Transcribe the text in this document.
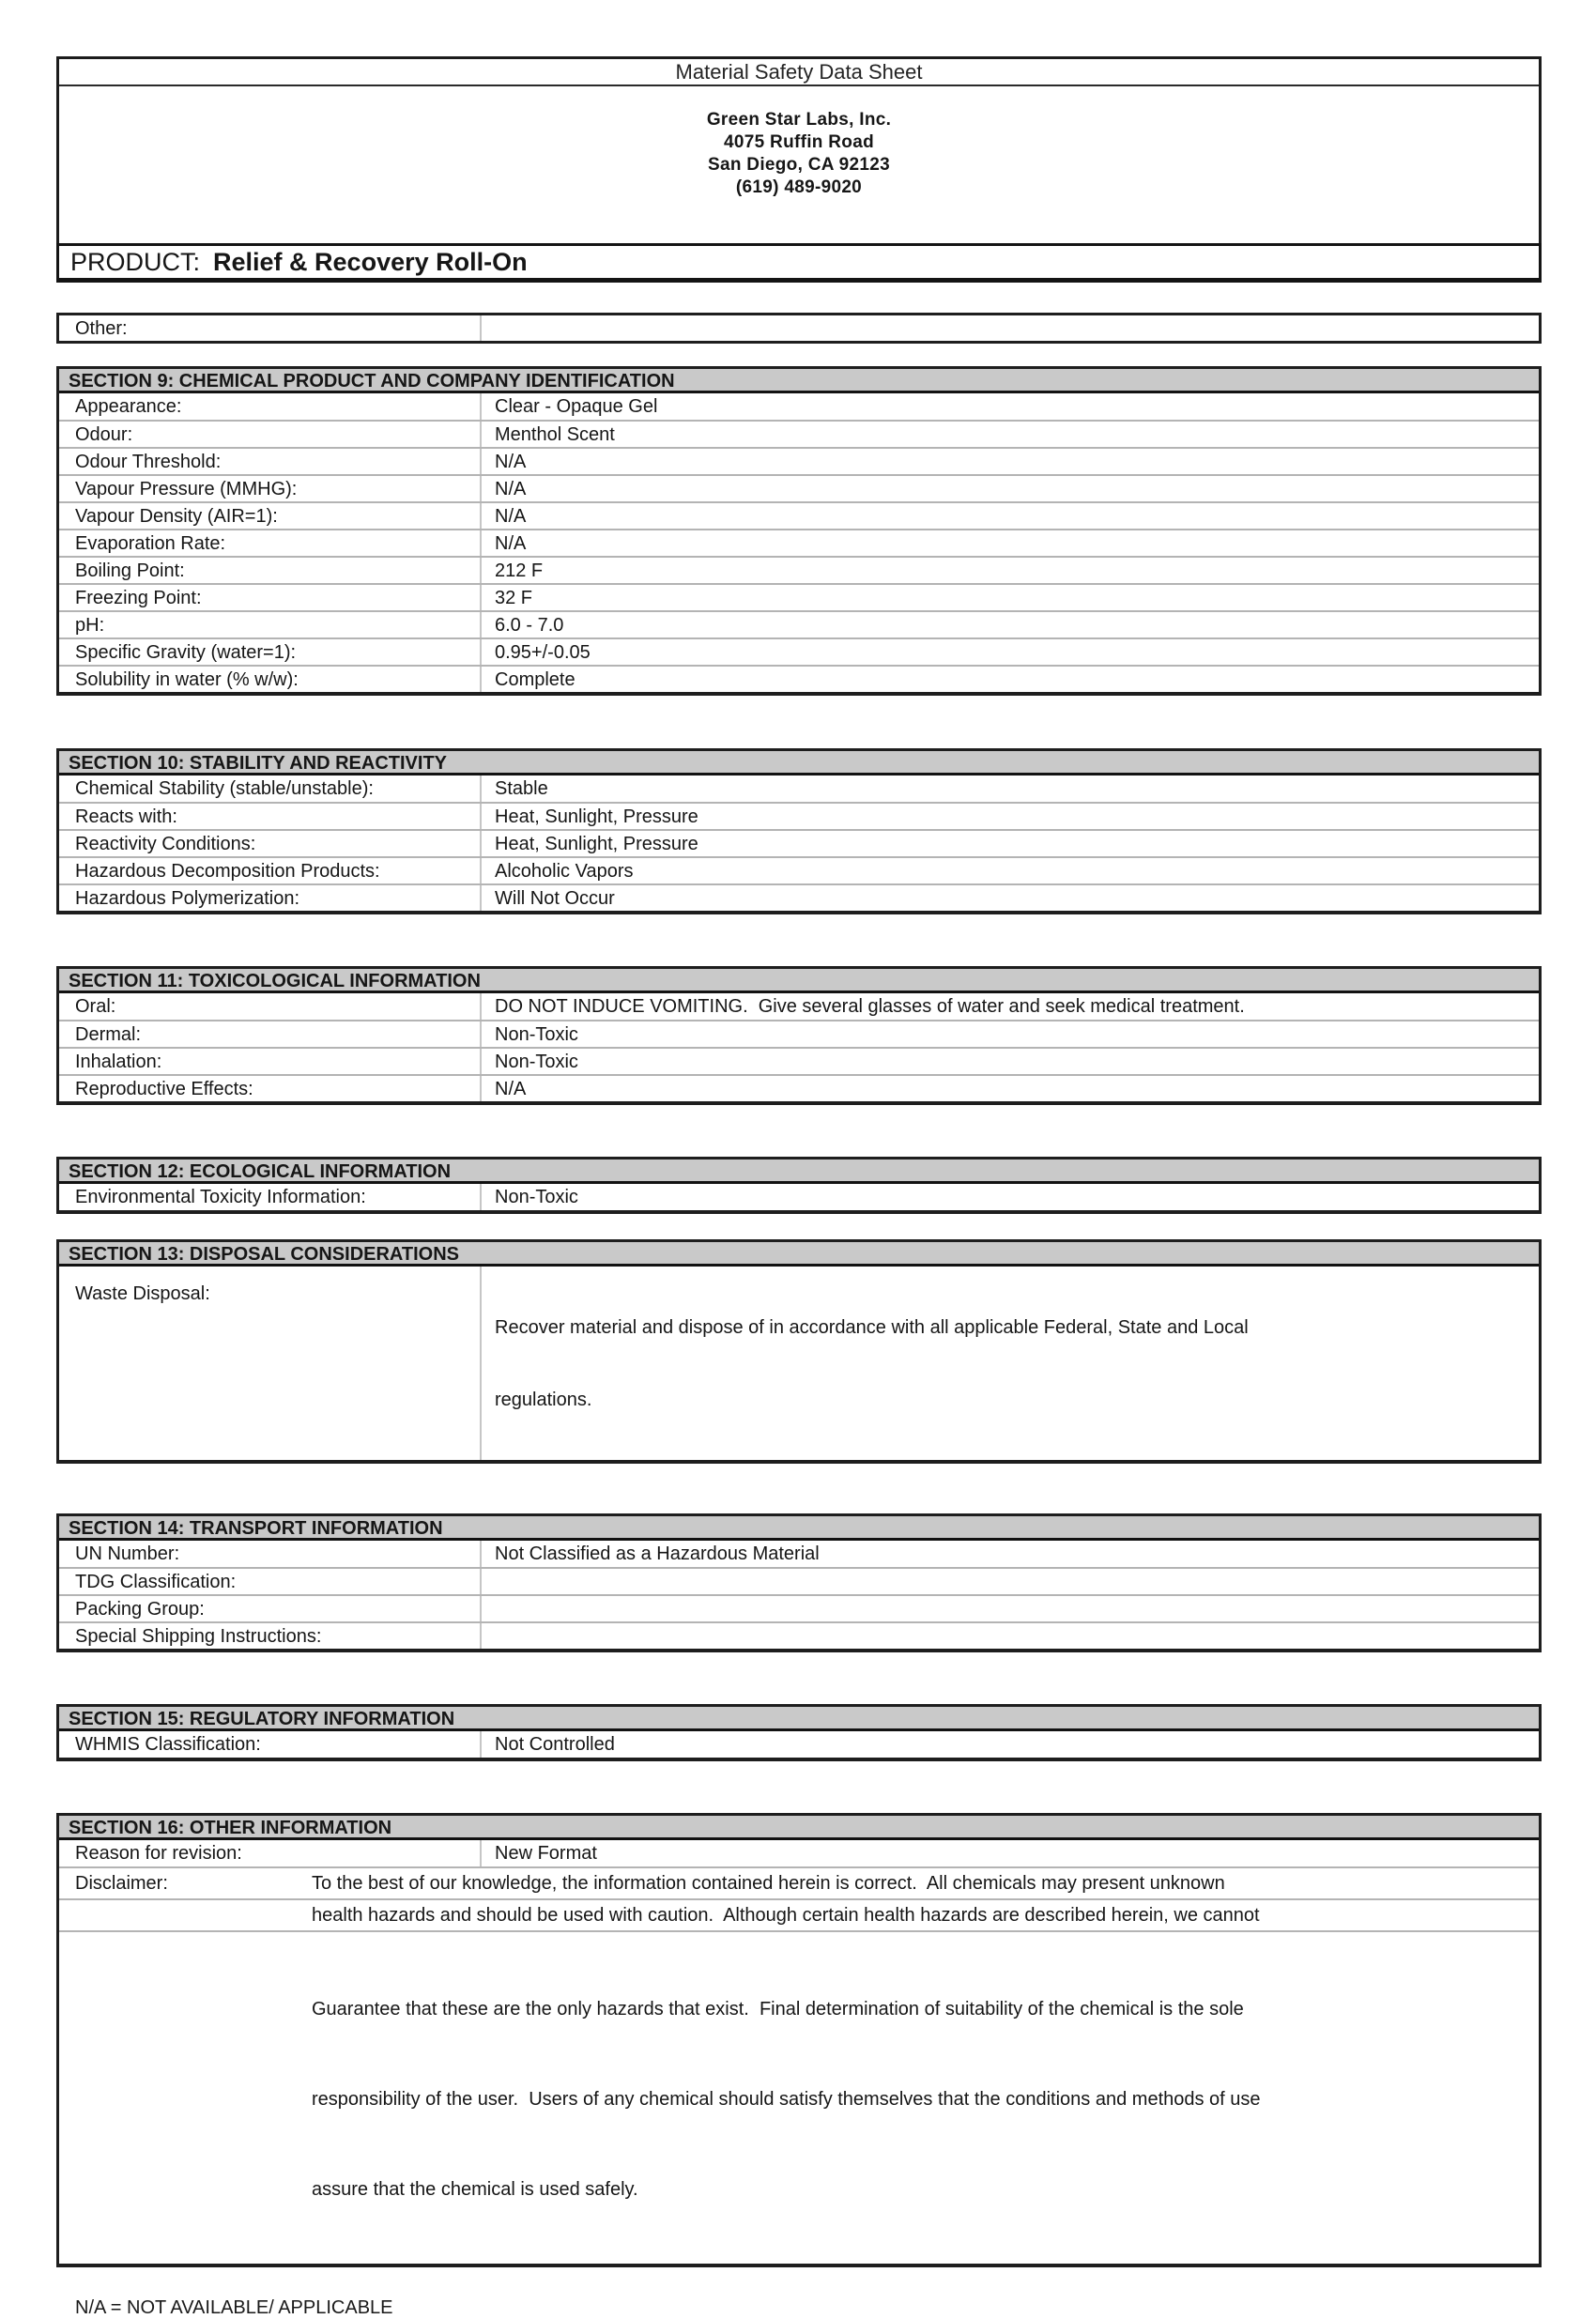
Material Safety Data Sheet
Green Star Labs, Inc.
4075 Ruffin Road
San Diego, CA 92123
(619) 489-9020
PRODUCT: Relief & Recovery Roll-On
Other:
SECTION 9: CHEMICAL PRODUCT AND COMPANY IDENTIFICATION
Appearance:	Clear - Opaque Gel
Odour:	Menthol Scent
Odour Threshold:	N/A
Vapour Pressure (MMHG):	N/A
Vapour Density (AIR=1):	N/A
Evaporation Rate:	N/A
Boiling Point:	212 F
Freezing Point:	32 F
pH:	6.0 - 7.0
Specific Gravity (water=1):	0.95+/-0.05
Solubility in water (% w/w):	Complete
SECTION 10: STABILITY AND REACTIVITY
Chemical Stability (stable/unstable):	Stable
Reacts with:	Heat, Sunlight, Pressure
Reactivity Conditions:	Heat, Sunlight, Pressure
Hazardous Decomposition Products:	Alcoholic Vapors
Hazardous Polymerization:	Will Not Occur
SECTION 11: TOXICOLOGICAL INFORMATION
Oral:	DO NOT INDUCE VOMITING.  Give several glasses of water and seek medical treatment.
Dermal:	Non-Toxic
Inhalation:	Non-Toxic
Reproductive Effects:	N/A
SECTION 12: ECOLOGICAL INFORMATION
Environmental Toxicity Information:	Non-Toxic
SECTION 13: DISPOSAL CONSIDERATIONS
Waste Disposal:

Recover material and dispose of in accordance with all applicable Federal, State and Local

regulations.

SECTION 14: TRANSPORT INFORMATION
UN Number:	Not Classified as a Hazardous Material
TDG Classification:
Packing Group:
Special Shipping Instructions:
SECTION 15: REGULATORY INFORMATION
WHMIS Classification:	Not Controlled
SECTION 16: OTHER INFORMATION
Reason for revision:	New Format
Disclaimer:	To the best of our knowledge, the information contained herein is correct.  All chemicals may present unknown
health hazards and should be used with caution.  Although certain health hazards are described herein, we cannot

Guarantee that these are the only hazards that exist.  Final determination of suitability of the chemical is the sole

responsibility of the user.  Users of any chemical should satisfy themselves that the conditions and methods of use

assure that the chemical is used safely.

N/A = NOT AVAILABLE/ APPLICABLE
